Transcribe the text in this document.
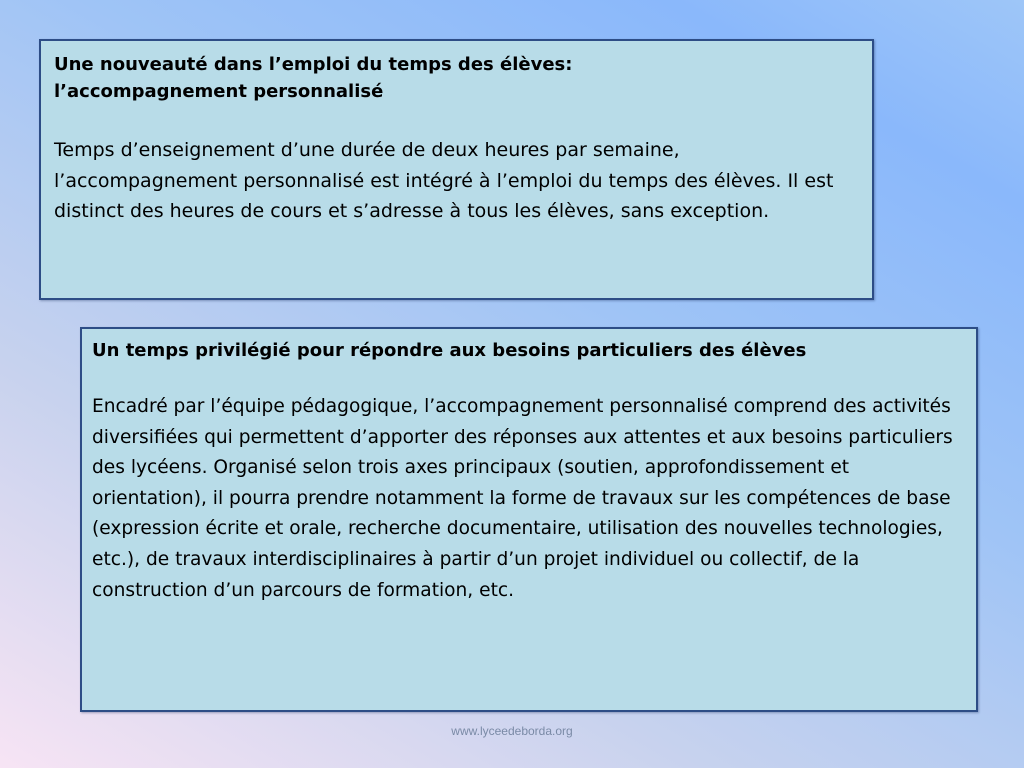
Une nouveauté dans l’emploi du temps des élèves:
l’accompagnement personnalisé

Temps d’enseignement d’une durée de deux heures par semaine, l’accompagnement personnalisé est intégré à l’emploi du temps des élèves. Il est distinct des heures de cours et s’adresse à tous les élèves, sans exception.

Un temps privilégié pour répondre aux besoins particuliers des élèves

Encadré par l’équipe pédagogique, l’accompagnement personnalisé comprend des activités diversifiées qui permettent d’apporter des réponses aux attentes et aux besoins particuliers des lycéens. Organisé selon trois axes principaux (soutien, approfondissement et orientation), il pourra prendre notamment la forme de travaux sur les compétences de base (expression écrite et orale, recherche documentaire, utilisation des nouvelles technologies, etc.), de travaux interdisciplinaires à partir d’un projet individuel ou collectif, de la construction d’un parcours de formation, etc.

www.lyceedeborda.org
